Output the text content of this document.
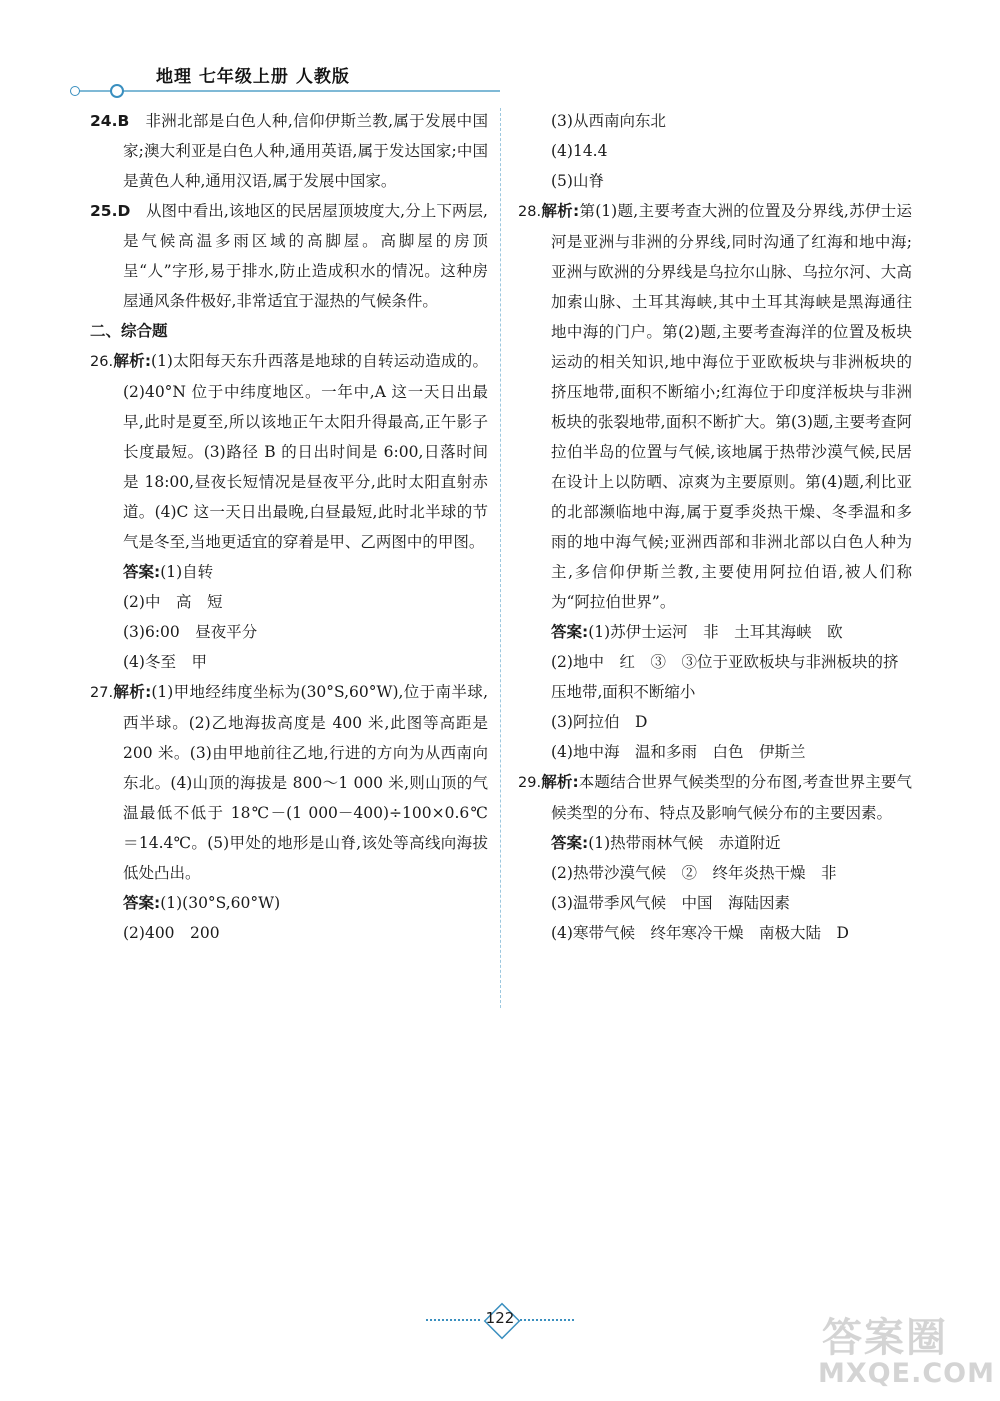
地理 七年级上册 人教版

24.B　 非洲北部是白色人种,信仰伊斯兰教,属于发展中国家;澳大利亚是白色人种,通用英语,属于发达国家;中国是黄色人种,通用汉语,属于发展中国家。

25.D　 从图中看出,该地区的民居屋顶坡度大,分上下两层,是气候高温多雨区域的高脚屋。高脚屋的房顶呈“人”字形,易于排水,防止造成积水的情况。这种房屋通风条件极好,非常适宜于湿热的气候条件。

二、综合题

26.解析:(1)太阳每天东升西落是地球的自转运动造成的。(2)40°N 位于中纬度地区。一年中,A 这一天日出最早,此时是夏至,所以该地正午太阳升得最高,正午影子长度最短。(3)路径 B 的日出时间是 6:00,日落时间是 18:00,昼夜长短情况是昼夜平分,此时太阳直射赤道。(4)C 这一天日出最晚,白昼最短,此时北半球的节气是冬至,当地更适宜的穿着是甲、乙两图中的甲图。

答案:(1)自转

(2)中　高　短

(3)6:00　昼夜平分

(4)冬至　甲

27.解析:(1)甲地经纬度坐标为(30°S,60°W),位于南半球,西半球。(2)乙地海拔高度是 400 米,此图等高距是 200 米。(3)由甲地前往乙地,行进的方向为从西南向东北。(4)山顶的海拔是 800～1 000 米,则山顶的气温最低不低于 18℃－(1 000－400)÷100×0.6℃＝14.4℃。(5)甲处的地形是山脊,该处等高线向海拔低处凸出。

答案:(1)(30°S,60°W)

(2)400　200

(3)从西南向东北

(4)14.4

(5)山脊

28.解析:第(1)题,主要考查大洲的位置及分界线,苏伊士运河是亚洲与非洲的分界线,同时沟通了红海和地中海;亚洲与欧洲的分界线是乌拉尔山脉、乌拉尔河、大高加索山脉、土耳其海峡,其中土耳其海峡是黑海通往地中海的门户。第(2)题,主要考查海洋的位置及板块运动的相关知识,地中海位于亚欧板块与非洲板块的挤压地带,面积不断缩小;红海位于印度洋板块与非洲板块的张裂地带,面积不断扩大。第(3)题,主要考查阿拉伯半岛的位置与气候,该地属于热带沙漠气候,民居在设计上以防晒、凉爽为主要原则。第(4)题,利比亚的北部濒临地中海,属于夏季炎热干燥、冬季温和多雨的地中海气候;亚洲西部和非洲北部以白色人种为主,多信仰伊斯兰教,主要使用阿拉伯语,被人们称为“阿拉伯世界”。

答案:(1)苏伊士运河　非　土耳其海峡　欧

(2)地中　红　③　③位于亚欧板块与非洲板块的挤压地带,面积不断缩小

(3)阿拉伯　D

(4)地中海　温和多雨　白色　伊斯兰

29.解析:本题结合世界气候类型的分布图,考查世界主要气候类型的分布、特点及影响气候分布的主要因素。

答案:(1)热带雨林气候　赤道附近

(2)热带沙漠气候　②　终年炎热干燥　非

(3)温带季风气候　中国　海陆因素

(4)寒带气候　终年寒冷干燥　南极大陆　D

122	答案圈
MXQE.COM
